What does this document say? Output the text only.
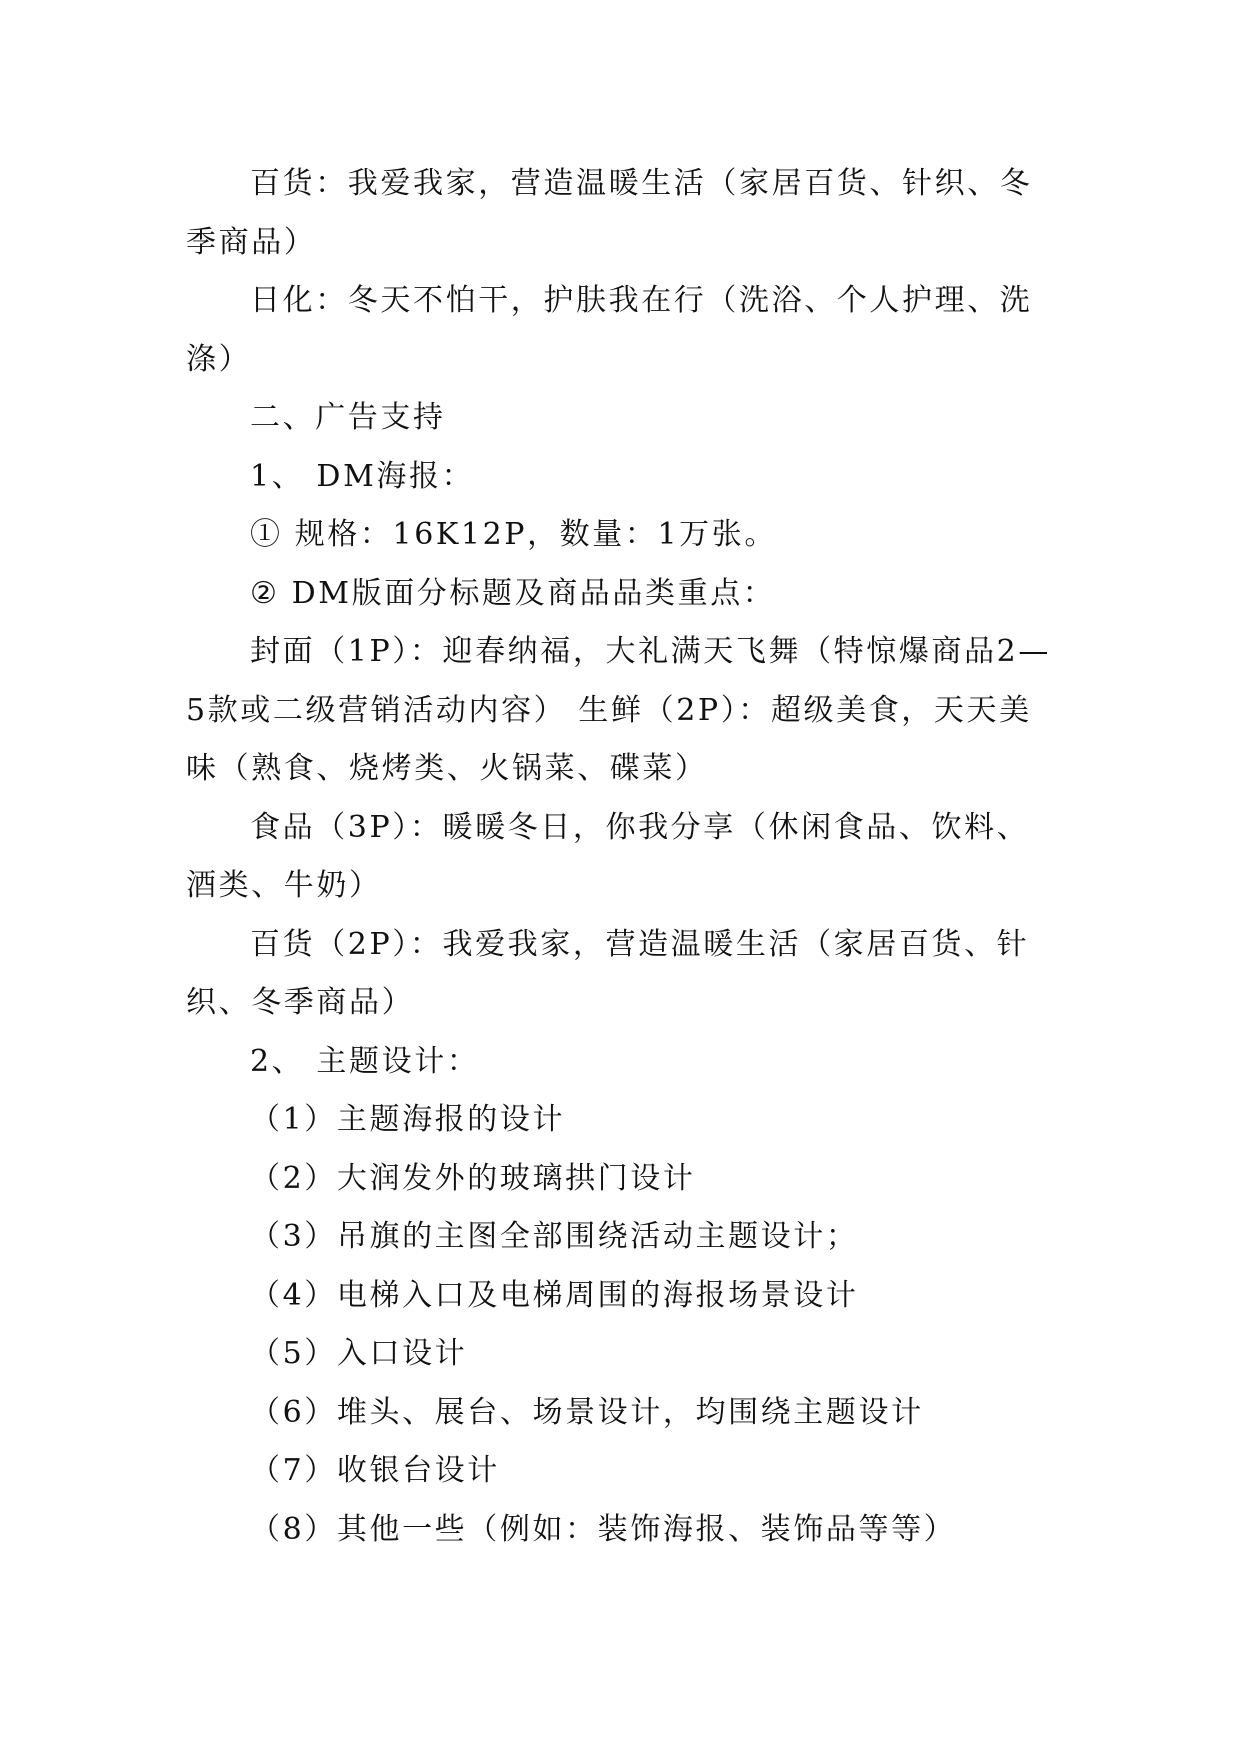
百货：我爱我家，营造温暖生活（家居百货、针织、冬季商品）

日化：冬天不怕干，护肤我在行（洗浴、个人护理、洗涤）

二、广告支持

1、 DM海报：

① 规格：16K12P，数量：1万张。

② DM版面分标题及商品品类重点：

封面（1P）：迎春纳福，大礼满天飞舞（特惊爆商品2—5款或二级营销活动内容） 生鲜（2P）：超级美食，天天美味（熟食、烧烤类、火锅菜、碟菜）

食品（3P）：暖暖冬日，你我分享（休闲食品、饮料、酒类、牛奶）

百货（2P）：我爱我家，营造温暖生活（家居百货、针织、冬季商品）

2、 主题设计：

（1）主题海报的设计

（2）大润发外的玻璃拱门设计

（3）吊旗的主图全部围绕活动主题设计；

（4）电梯入口及电梯周围的海报场景设计

（5）入口设计

（6）堆头、展台、场景设计，均围绕主题设计

（7）收银台设计

（8）其他一些（例如：装饰海报、装饰品等等）
